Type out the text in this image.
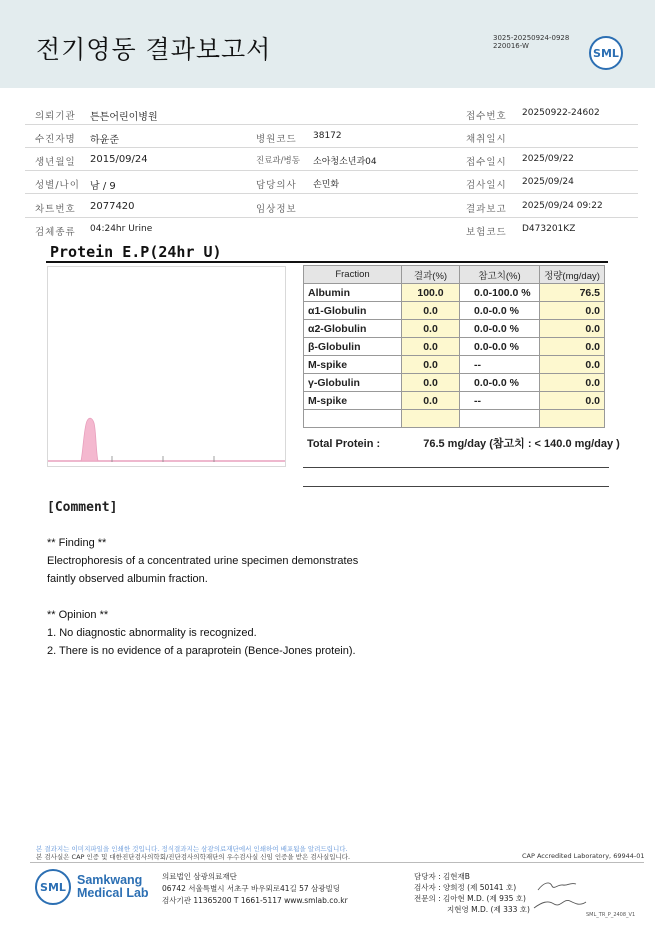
전기영동 결과보고서	3025-20250924-0928
220016-W
SML
의뢰기관 튼튼어린이병원	접수번호 20250922-24602
수진자명 하윤준	병원코드 38172	채취일시
생년월일 2015/09/24	진료과/병동 소아청소년과04	접수일시 2025/09/22
성별/나이 남 / 9	담당의사 손민화	검사일시 2025/09/24
차트번호 2077420	임상정보	결과보고 2025/09/24 09:22
검체종류 04:24hr Urine	보험코드 D473201KZ
Protein E.P(24hr U)
Fraction	결과(%)	참고치(%)	정량(mg/day)
Albumin	100.0	0.0-100.0 %	76.5
α1-Globulin	0.0	0.0-0.0 %	0.0
α2-Globulin	0.0	0.0-0.0 %	0.0
β-Globulin	0.0	0.0-0.0 %	0.0
M-spike	0.0	--	0.0
γ-Globulin	0.0	0.0-0.0 %	0.0
M-spike	0.0	--	0.0

Total Protein :	76.5 mg/day (참고치 : < 140.0 mg/day )
[Comment]
** Finding **
Electrophoresis of a concentrated urine specimen demonstrates
faintly observed albumin fraction.
** Opinion **
1. No diagnostic abnormality is recognized.
2. There is no evidence of a paraprotein (Bence-Jones protein).
본 결과지는 이미지파일을 인쇄한 것입니다. 정식결과지는 삼광의료재단에서 인쇄하여 배포됨을 알려드립니다.
본 검사실은 CAP 인증 및 대한진단검사의학회/진단검사의학재단의 우수검사실 신임 인증을 받은 검사실입니다.	CAP Accredited Laboratory, 69944-01
SML Samkwang
Medical Lab
의료법인 삼광의료재단
06742 서울특별시 서초구 바우뫼로41길 57 삼광빌딩
검사기관 11365200 T 1661-5117 www.smlab.co.kr
담당자 : 김현재B
검사자 : 양희정 (제 50141 호)
전문의 : 김아현 M.D. (제 935 호)
지현영 M.D. (제 333 호)
SML_TR_P_2408_V1
